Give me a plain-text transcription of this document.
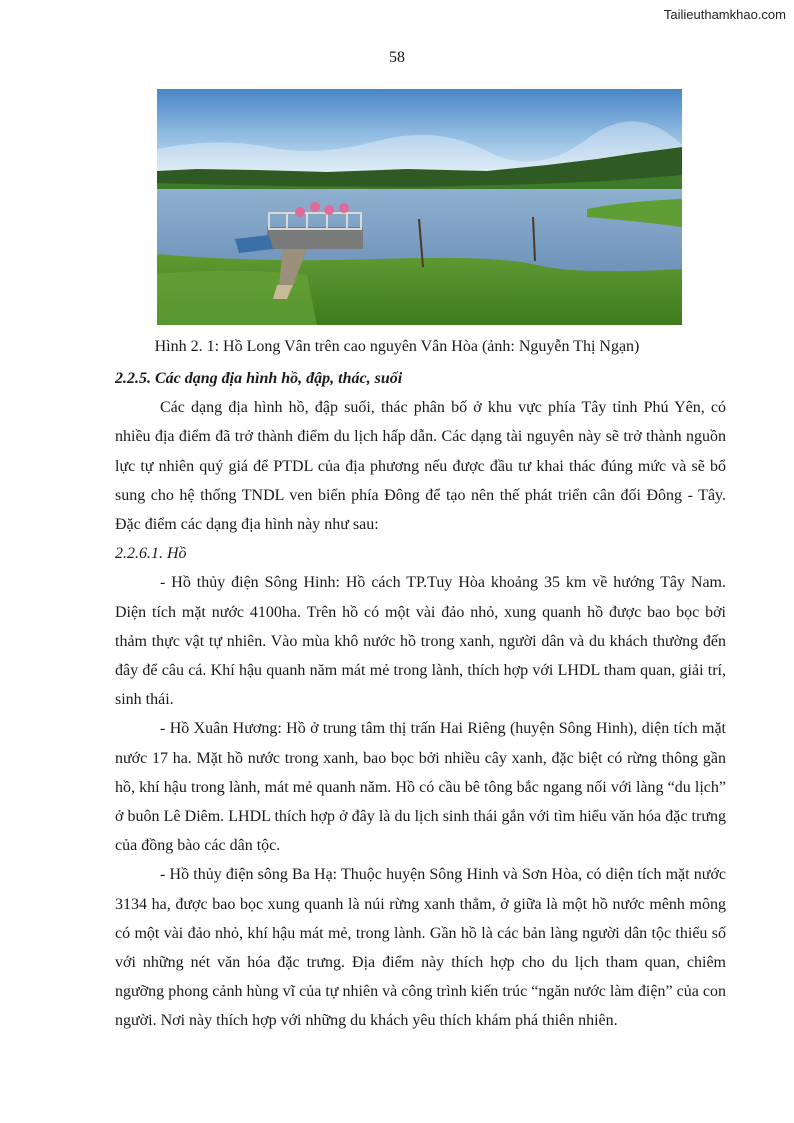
Tailieuthamkhao.com
58
Hình 2. 1: Hồ Long Vân trên cao nguyên Vân Hòa (ảnh: Nguyễn Thị Ngạn)

2.2.5. Các dạng địa hình hồ, đập, thác, suối

Các dạng địa hình hồ, đập suối, thác phân bố ở khu vực phía Tây tỉnh Phú Yên, có nhiều địa điểm đã trở thành điểm du lịch hấp dẫn. Các dạng tài nguyên này sẽ trở thành nguồn lực tự nhiên quý giá để PTDL của địa phương nếu được đầu tư khai thác đúng mức và sẽ bổ sung cho hệ thống TNDL ven biển phía Đông để tạo nên thế phát triển cân đối Đông - Tây. Đặc điểm các dạng địa hình này như sau:

2.2.6.1. Hồ

- Hồ thủy điện Sông Hinh: Hồ cách TP.Tuy Hòa khoảng 35 km về hướng Tây Nam. Diện tích mặt nước 4100ha. Trên hồ có một vài đảo nhỏ, xung quanh hồ được bao bọc bởi thảm thực vật tự nhiên. Vào mùa khô nước hồ trong xanh, người dân và du khách thường đến đây để câu cá. Khí hậu quanh năm mát mẻ trong lành, thích hợp với LHDL tham quan, giải trí, sinh thái.

- Hồ Xuân Hương: Hồ ở trung tâm thị trấn Hai Riêng (huyện Sông Hinh), diện tích mặt nước 17 ha. Mặt hồ nước trong xanh, bao bọc bởi nhiều cây xanh, đặc biệt có rừng thông gần hồ, khí hậu trong lành, mát mẻ quanh năm. Hồ có cầu bê tông bắc ngang nối với làng “du lịch” ở buôn Lê Diêm. LHDL thích hợp ở đây là du lịch sinh thái gắn với tìm hiểu văn hóa đặc trưng của đồng bào các dân tộc.

- Hồ thủy điện sông Ba Hạ: Thuộc huyện Sông Hinh và Sơn Hòa, có diện tích mặt nước 3134 ha, được bao bọc xung quanh là núi rừng xanh thẳm, ở giữa là một hồ nước mênh mông có một vài đảo nhỏ, khí hậu mát mẻ, trong lành. Gần hồ là các bản làng người dân tộc thiểu số với những nét văn hóa đặc trưng. Địa điểm này thích hợp cho du lịch tham quan, chiêm ngưỡng phong cảnh hùng vĩ của tự nhiên và công trình kiến trúc “ngăn nước làm điện” của con người. Nơi này thích hợp với những du khách yêu thích khám phá thiên nhiên.
